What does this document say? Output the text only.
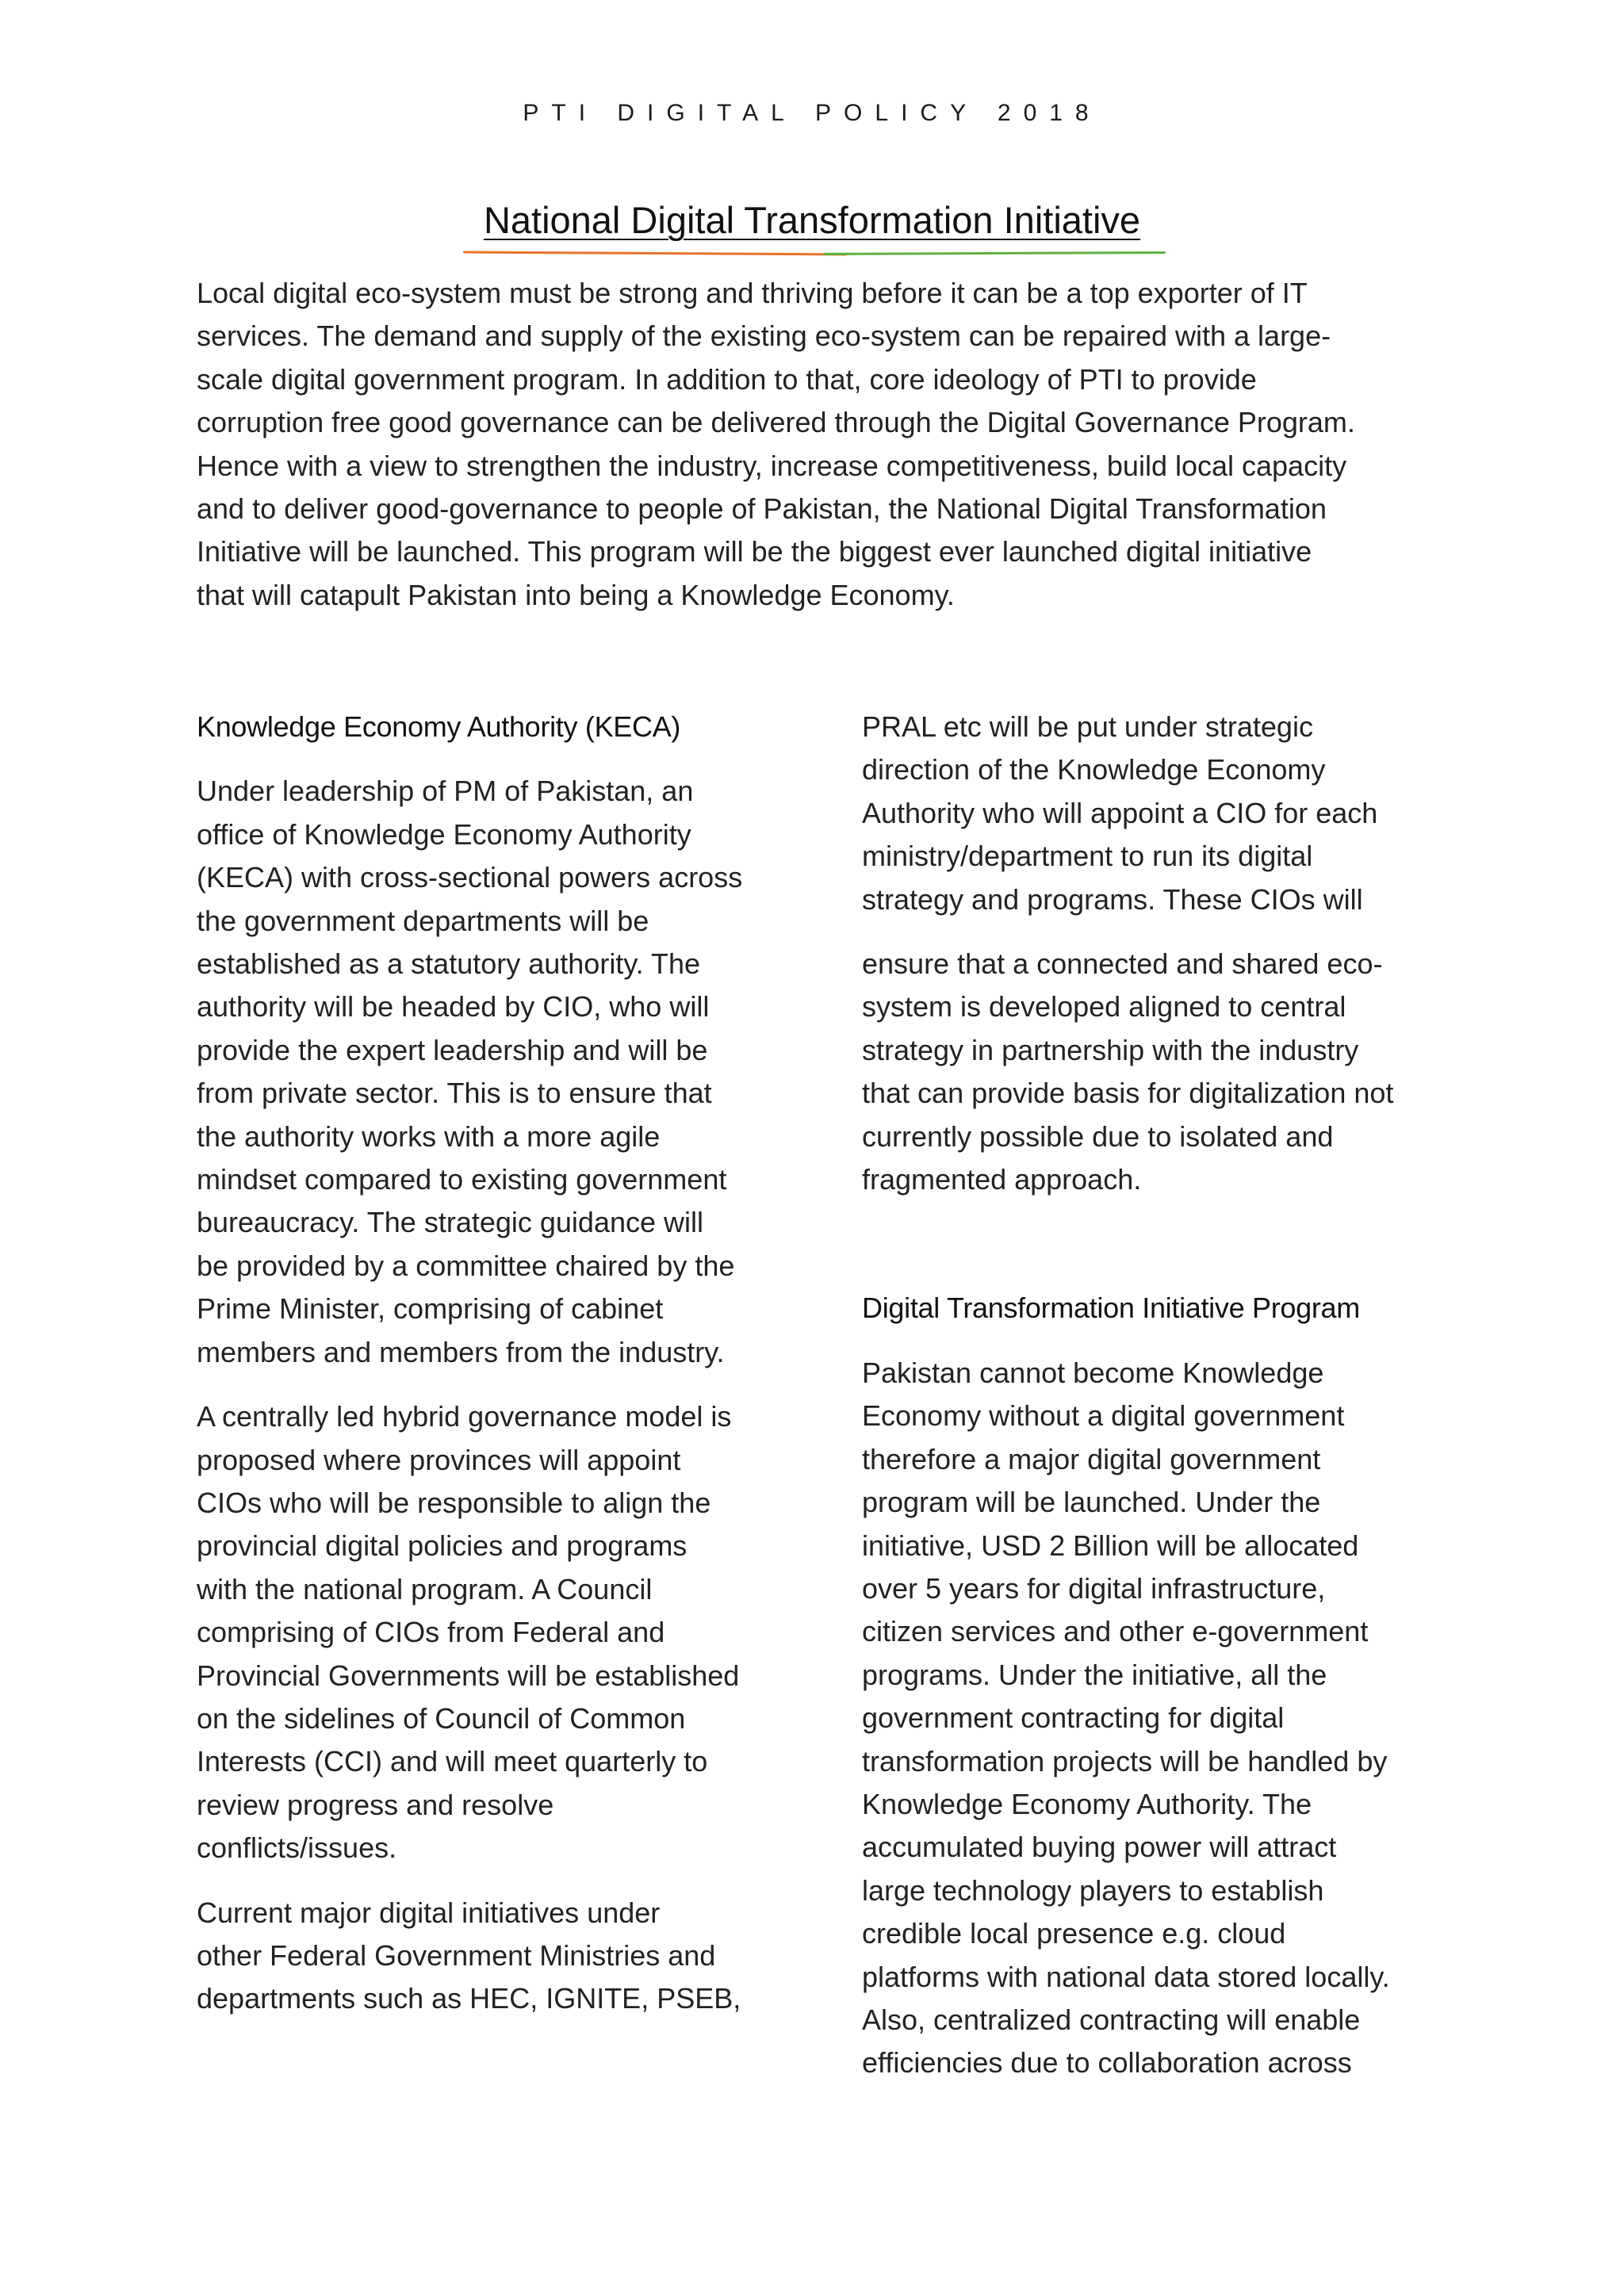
PTI DIGITAL POLICY 2018
National Digital Transformation Initiative
Local digital eco-system must be strong and thriving before it can be a top exporter of IT
services. The demand and supply of the existing eco-system can be repaired with a large-
scale digital government program. In addition to that, core ideology of PTI to provide
corruption free good governance can be delivered through the Digital Governance Program.
Hence with a view to strengthen the industry, increase competitiveness, build local capacity
and to deliver good-governance to people of Pakistan, the National Digital Transformation
Initiative will be launched. This program will be the biggest ever launched digital initiative
that will catapult Pakistan into being a Knowledge Economy.
Knowledge Economy Authority (KECA)

Under leadership of PM of Pakistan, an
office of Knowledge Economy Authority
(KECA) with cross-sectional powers across
the government departments will be
established as a statutory authority. The
authority will be headed by CIO, who will
provide the expert leadership and will be
from private sector. This is to ensure that
the authority works with a more agile
mindset compared to existing government
bureaucracy. The strategic guidance will
be provided by a committee chaired by the
Prime Minister, comprising of cabinet
members and members from the industry.

A centrally led hybrid governance model is
proposed where provinces will appoint
CIOs who will be responsible to align the
provincial digital policies and programs
with the national program. A Council
comprising of CIOs from Federal and
Provincial Governments will be established
on the sidelines of Council of Common
Interests (CCI) and will meet quarterly to
review progress and resolve
conflicts/issues.

Current major digital initiatives under
other Federal Government Ministries and
departments such as HEC, IGNITE, PSEB,

PRAL etc will be put under strategic
direction of the Knowledge Economy
Authority who will appoint a CIO for each
ministry/department to run its digital
strategy and programs. These CIOs will

ensure that a connected and shared eco-
system is developed aligned to central
strategy in partnership with the industry
that can provide basis for digitalization not
currently possible due to isolated and
fragmented approach.

Digital Transformation Initiative Program

Pakistan cannot become Knowledge
Economy without a digital government
therefore a major digital government
program will be launched. Under the
initiative, USD 2 Billion will be allocated
over 5 years for digital infrastructure,
citizen services and other e-government
programs. Under the initiative, all the
government contracting for digital
transformation projects will be handled by
Knowledge Economy Authority. The
accumulated buying power will attract
large technology players to establish
credible local presence e.g. cloud
platforms with national data stored locally.
Also, centralized contracting will enable
efficiencies due to collaboration across
